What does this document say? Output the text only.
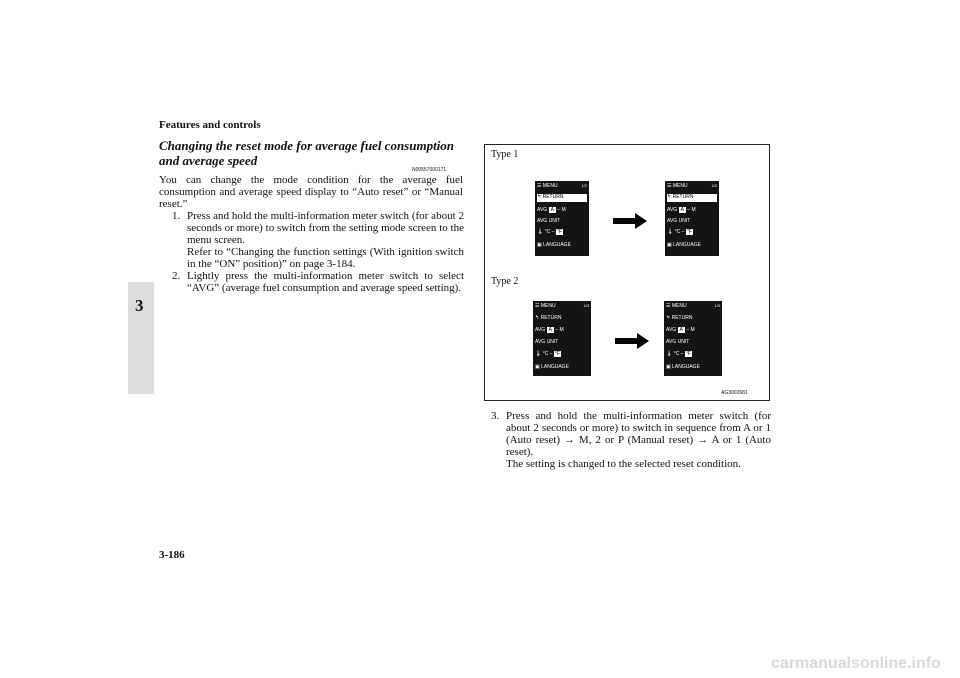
Features and controls
3
Changing the reset mode for average fuel consumption and average speed
N00557000171
You can change the mode condition for the average fuel consumption and average speed display to “Auto reset” or “Manual reset.”

1. Press and hold the multi-information meter switch (for about 2 seconds or more) to switch from the setting mode screen to the menu screen.

Refer to “Changing the function settings (With ignition switch in the “ON” position)” on page 3-184.

2. Lightly press the multi-information meter switch to select “AVG” (average fuel consumption and average speed setting).

Type 1
Type 2
☰ MENU	1/2
↰ RETURN
AVG A – M
AVG UNIT
🌡 °C – °F
▣ LANGUAGE
☰ MENU	1/2
↰ RETURN
AVG A – M
AVG UNIT
🌡 °C – °F
▣ LANGUAGE
☰ MENU	1/3
↰ RETURN
AVG A – M
AVG UNIT
🌡 °C – °F
▣ LANGUAGE
☰ MENU	1/3
↰ RETURN
AVG A – M
AVG UNIT
🌡 °C – °F
▣ LANGUAGE
AG3002681
3. Press and hold the multi-information meter switch (for about 2 seconds or more) to switch in sequence from A or 1 (Auto reset) → M, 2 or P (Manual reset) → A or 1 (Auto reset).
The setting is changed to the selected reset condition.
3-186
carmanualsonline.info
